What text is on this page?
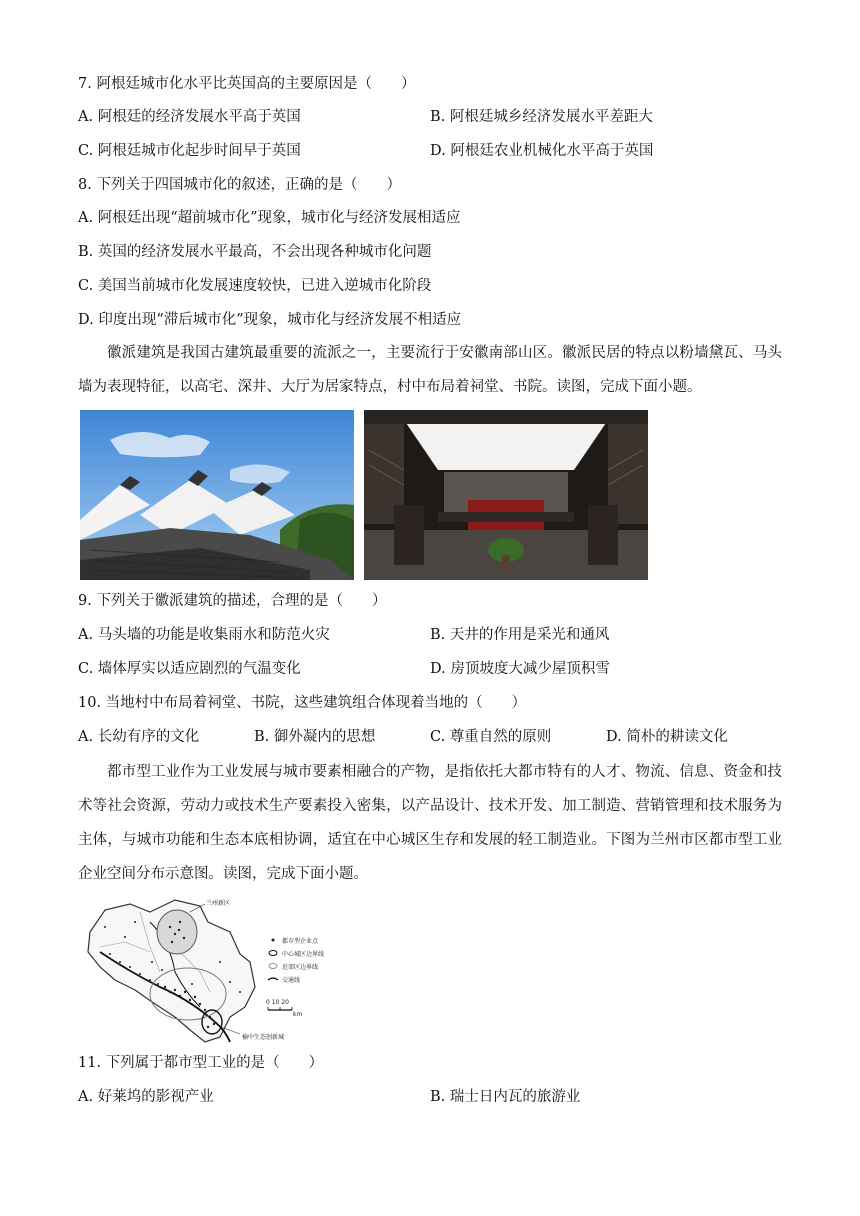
7. 阿根廷城市化水平比英国高的主要原因是（　　）
A. 阿根廷的经济发展水平高于英国	B. 阿根廷城乡经济发展水平差距大
C. 阿根廷城市化起步时间早于英国	D. 阿根廷农业机械化水平高于英国
8. 下列关于四国城市化的叙述，正确的是（　　）
A. 阿根廷出现“超前城市化”现象，城市化与经济发展相适应
B. 英国的经济发展水平最高，不会出现各种城市化问题
C. 美国当前城市化发展速度较快，已进入逆城市化阶段
D. 印度出现“滞后城市化”现象，城市化与经济发展不相适应

徽派建筑是我国古建筑最重要的流派之一，主要流行于安徽南部山区。徽派民居的特点以粉墙黛瓦、马头墙为表现特征，以高宅、深井、大厅为居家特点，村中布局着祠堂、书院。读图，完成下面小题。

9. 下列关于徽派建筑的描述，合理的是（　　）
A. 马头墙的功能是收集雨水和防范火灾	B. 天井的作用是采光和通风
C. 墙体厚实以适应剧烈的气温变化	D. 房顶坡度大减少屋顶积雪
10. 当地村中布局着祠堂、书院，这些建筑组合体现着当地的（　　）
A. 长幼有序的文化	B. 御外凝内的思想	C. 尊重自然的原则	D. 简朴的耕读文化

都市型工业作为工业发展与城市要素相融合的产物，是指依托大都市特有的人才、物流、信息、资金和技术等社会资源，劳动力或技术生产要素投入密集，以产品设计、技术开发、加工制造、营销管理和技术服务为主体，与城市功能和生态本底相协调，适宜在中心城区生存和发展的轻工制造业。下图为兰州市区都市型工业企业空间分布示意图。读图，完成下面小题。

兰州新区
榆中生态创新城
都市型企业点
中心城区边界线
近郊区边界线
交通线
0 10 20
km
11. 下列属于都市型工业的是（　　）
A. 好莱坞的影视产业	B. 瑞士日内瓦的旅游业
